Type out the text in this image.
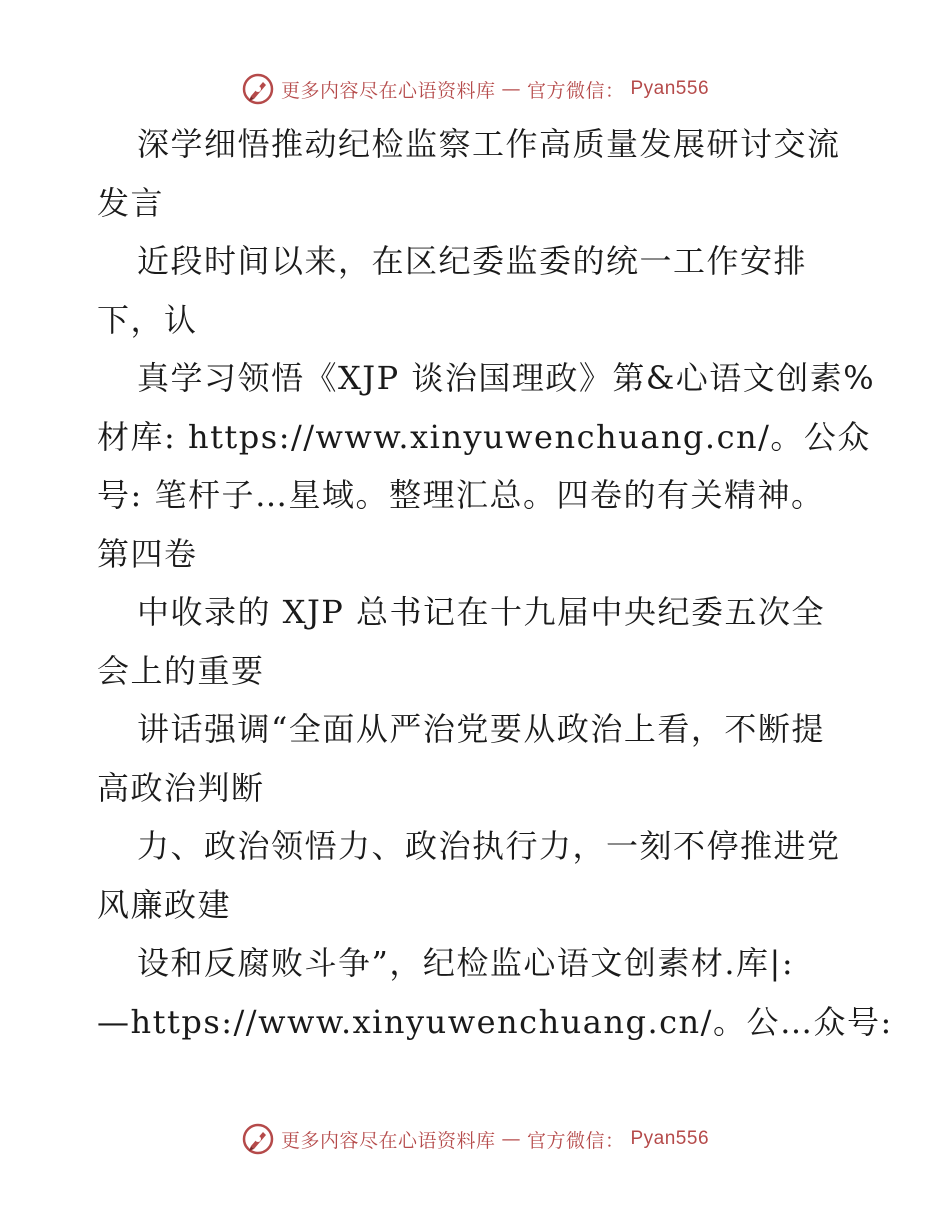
更多内容尽在心语资料库 — 官方微信： Pyan556
深学细悟推动纪检监察工作高质量发展研讨交流
发言
近段时间以来，在区纪委监委的统一工作安排
下，认
真学习领悟《XJP 谈治国理政》第&心语文创素%
材库: https://www.xinyuwenchuang.cn/。公众
号: 笔杆子…星域。整理汇总。四卷的有关精神。
第四卷
中收录的 XJP 总书记在十九届中央纪委五次全
会上的重要
讲话强调“全面从严治党要从政治上看，不断提
高政治判断
力、政治领悟力、政治执行力，一刻不停推进党
风廉政建
设和反腐败斗争”，纪检监心语文创素材.库|:
—https://www.xinyuwenchuang.cn/。公…众号:
更多内容尽在心语资料库 — 官方微信： Pyan556
